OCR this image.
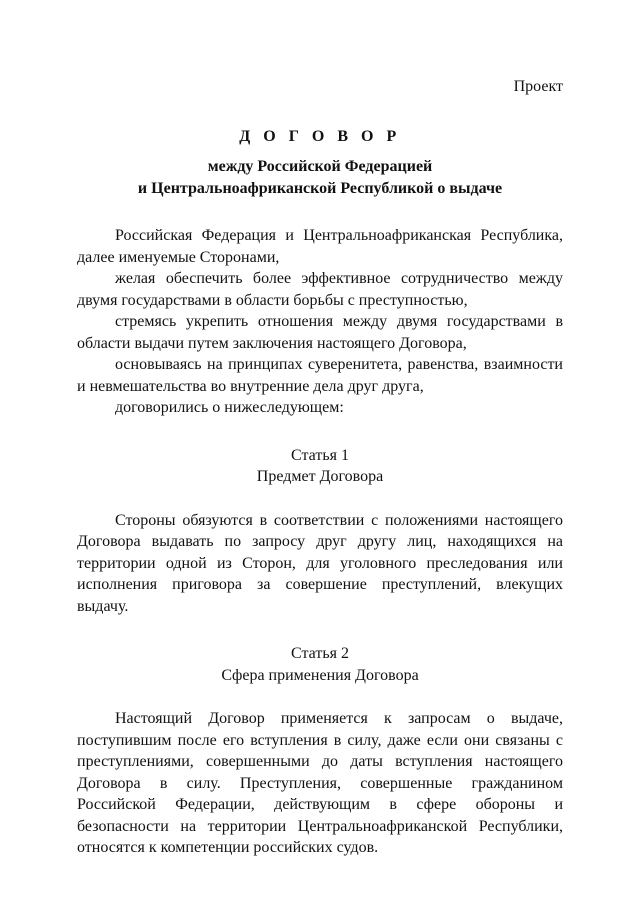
Проект

Д О Г О В О Р

между Российской Федерацией

и Центральноафриканской Республикой о выдаче

Российская Федерация и Центральноафриканская Республика, далее именуемые Сторонами,

желая обеспечить более эффективное сотрудничество между двумя государствами в области борьбы с преступностью,

стремясь укрепить отношения между двумя государствами в области выдачи путем заключения настоящего Договора,

основываясь на принципах суверенитета, равенства, взаимности и невмешательства во внутренние дела друг друга,

договорились о нижеследующем:

Статья 1

Предмет Договора

Стороны обязуются в соответствии с положениями настоящего Договора выдавать по запросу друг другу лиц, находящихся на территории одной из Сторон, для уголовного преследования или исполнения приговора за совершение преступлений, влекущих выдачу.

Статья 2

Сфера применения Договора

Настоящий Договор применяется к запросам о выдаче, поступившим после его вступления в силу, даже если они связаны с преступлениями, совершенными до даты вступления настоящего Договора в силу. Преступления, совершенные гражданином Российской Федерации, действующим в сфере обороны и безопасности на территории Центральноафриканской Республики, относятся к компетенции российских судов.
